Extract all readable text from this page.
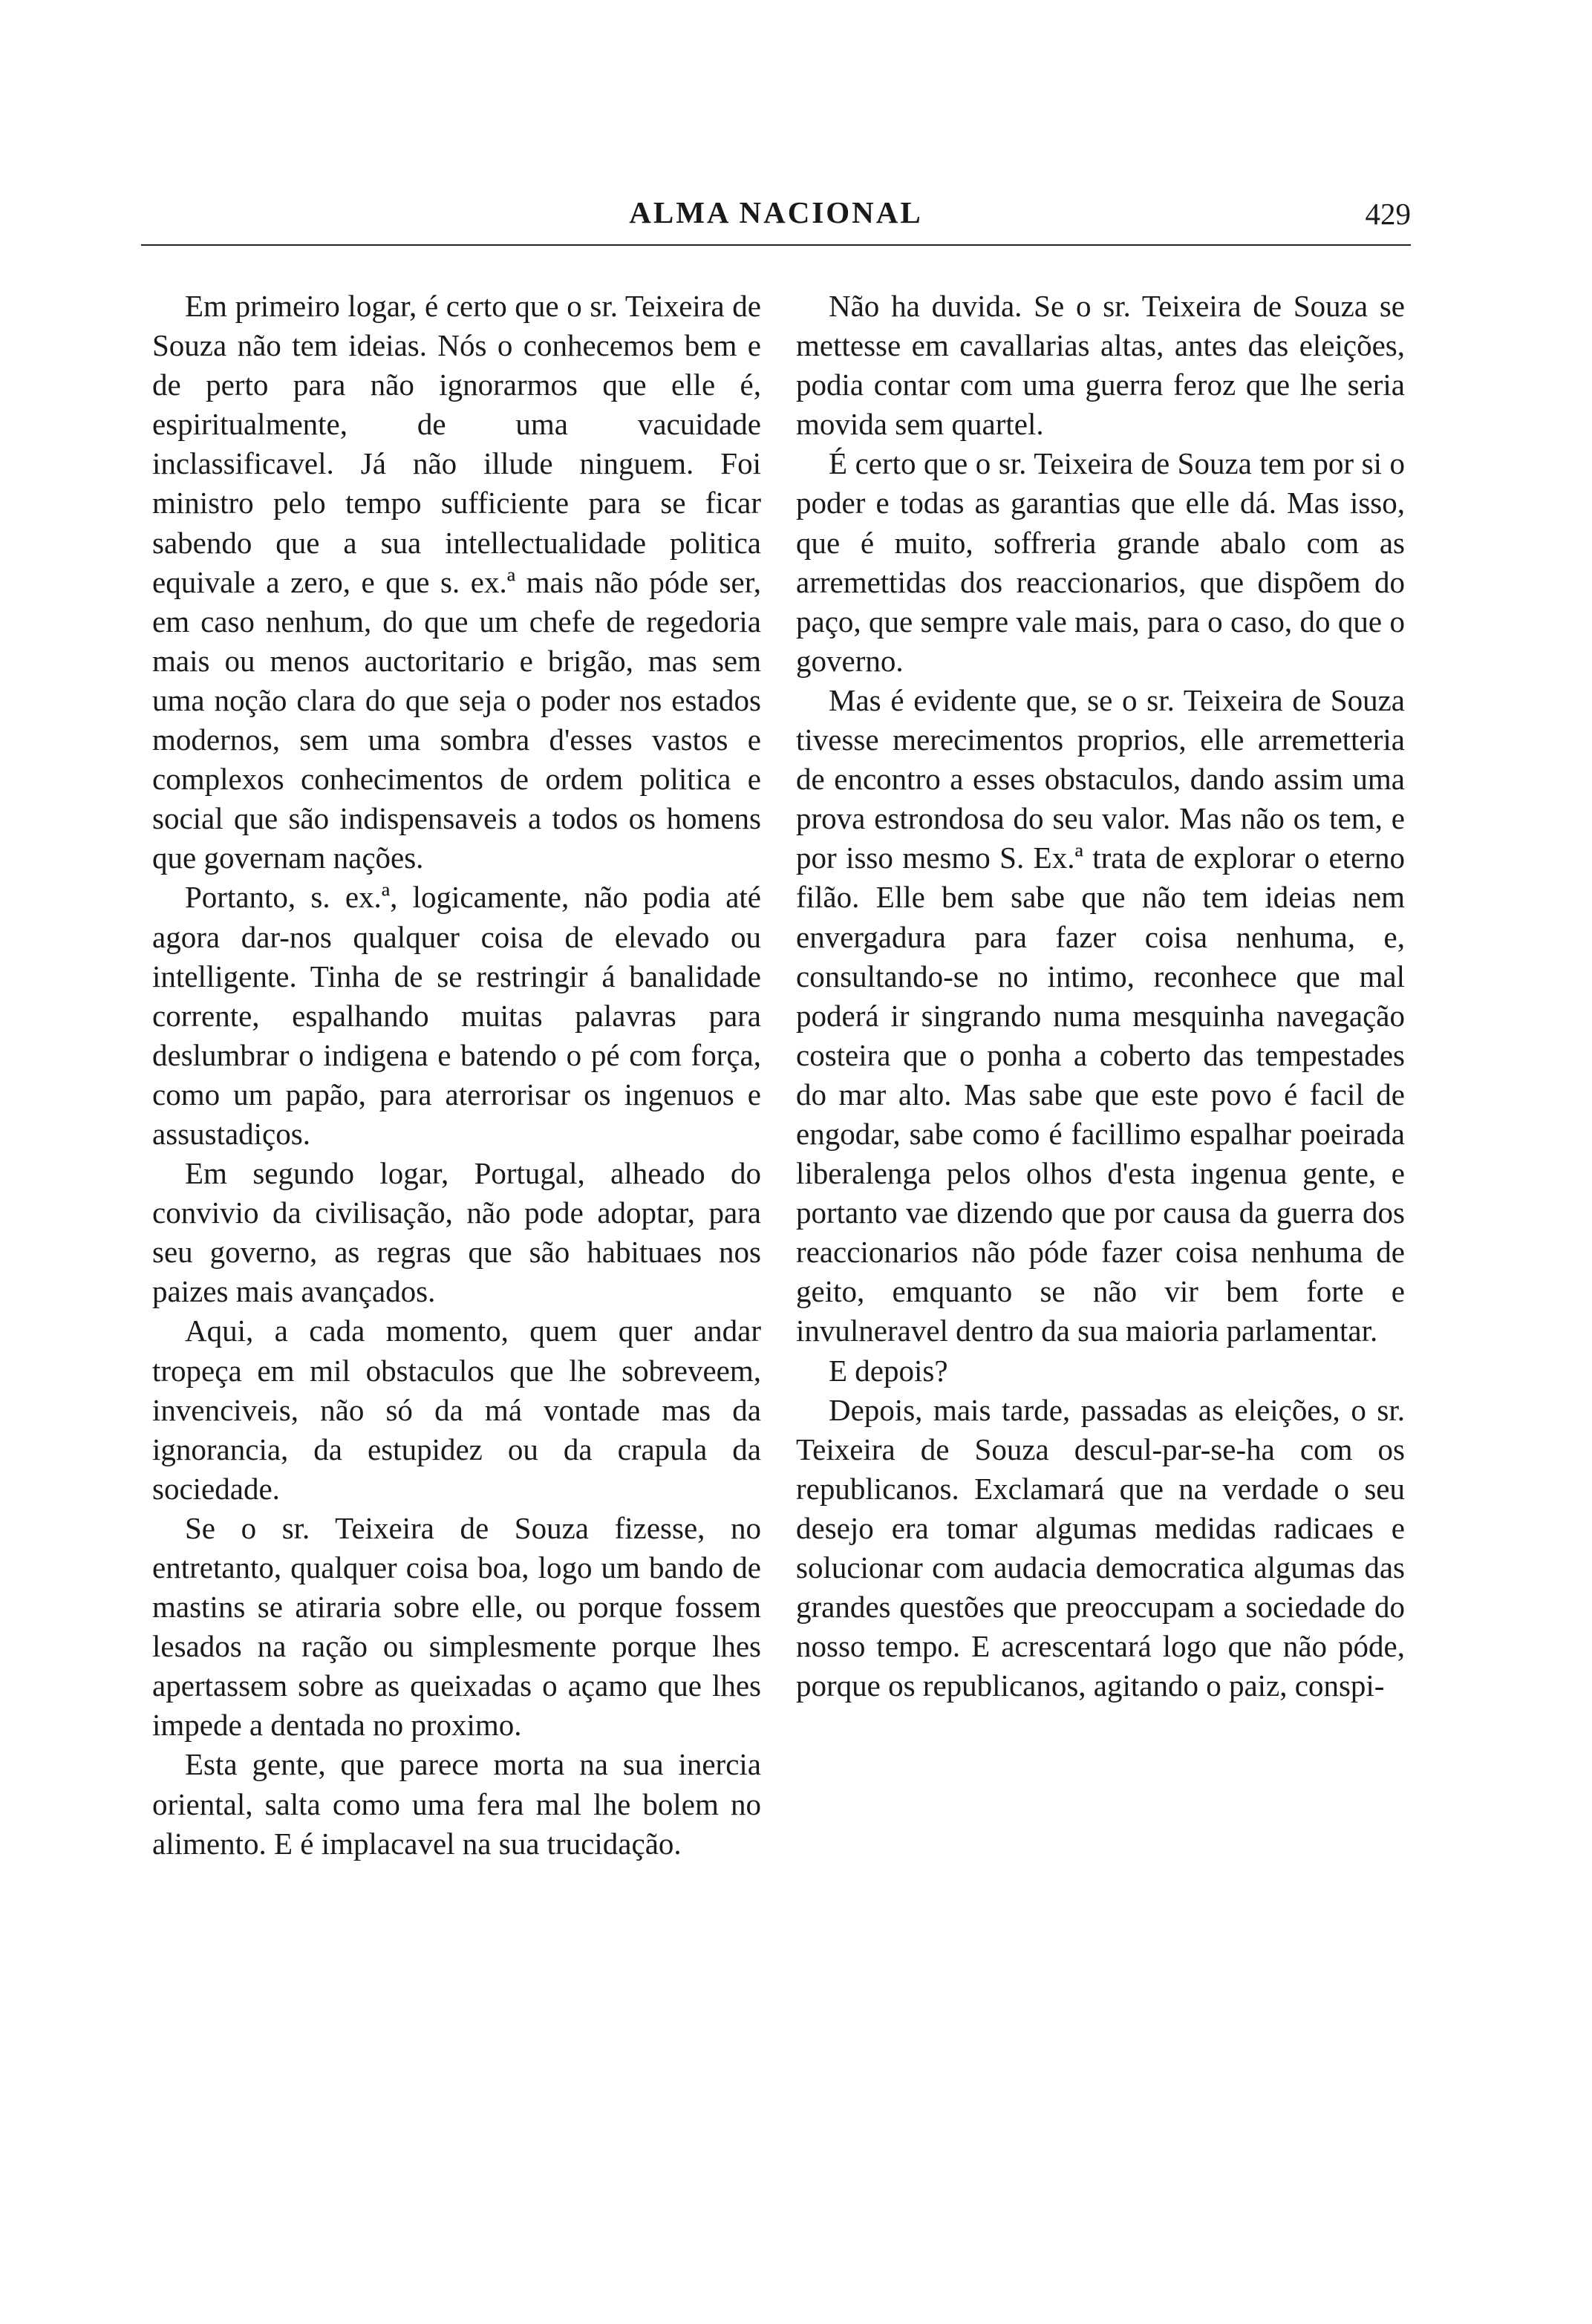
ALMA NACIONAL	429

Em primeiro logar, é certo que o sr. Teixeira de Souza não tem ideias. Nós o conhecemos bem e de perto para não ignorarmos que elle é, espiritualmente, de uma vacuidade inclassificavel. Já não illude ninguem. Foi ministro pelo tempo sufficiente para se ficar sabendo que a sua intellectualidade politica equivale a zero, e que s. ex.ª mais não póde ser, em caso nenhum, do que um chefe de regedoria mais ou menos auctoritario e brigão, mas sem uma noção clara do que seja o poder nos estados modernos, sem uma sombra d'esses vastos e complexos conhecimentos de ordem politica e social que são indispensaveis a todos os homens que governam nações.

Portanto, s. ex.ª, logicamente, não podia até agora dar-nos qualquer coisa de elevado ou intelligente. Tinha de se restringir á banalidade corrente, espalhando muitas palavras para deslumbrar o indigena e batendo o pé com força, como um papão, para aterrorisar os ingenuos e assustadiços.

Em segundo logar, Portugal, alheado do convivio da civilisação, não pode adoptar, para seu governo, as regras que são habituaes nos paizes mais avançados.

Aqui, a cada momento, quem quer andar tropeça em mil obstaculos que lhe sobreveem, invenciveis, não só da má vontade mas da ignorancia, da estupidez ou da crapula da sociedade.

Se o sr. Teixeira de Souza fizesse, no entretanto, qualquer coisa boa, logo um bando de mastins se atiraria sobre elle, ou porque fossem lesados na ração ou simplesmente porque lhes apertassem sobre as queixadas o açamo que lhes impede a dentada no proximo.

Esta gente, que parece morta na sua inercia oriental, salta como uma fera mal lhe bolem no alimento. E é implacavel na sua trucidação.

Não ha duvida. Se o sr. Teixeira de Souza se mettesse em cavallarias altas, antes das eleições, podia contar com uma guerra feroz que lhe seria movida sem quartel.

É certo que o sr. Teixeira de Souza tem por si o poder e todas as garantias que elle dá. Mas isso, que é muito, soffreria grande abalo com as arremettidas dos reaccionarios, que dispõem do paço, que sempre vale mais, para o caso, do que o governo.

Mas é evidente que, se o sr. Teixeira de Souza tivesse merecimentos proprios, elle arremetteria de encontro a esses obstaculos, dando assim uma prova estrondosa do seu valor. Mas não os tem, e por isso mesmo S. Ex.ª trata de explorar o eterno filão. Elle bem sabe que não tem ideias nem envergadura para fazer coisa nenhuma, e, consultando-se no intimo, reconhece que mal poderá ir singrando numa mesquinha navegação costeira que o ponha a coberto das tempestades do mar alto. Mas sabe que este povo é facil de engodar, sabe como é facillimo espalhar poeirada liberalenga pelos olhos d'esta ingenua gente, e portanto vae dizendo que por causa da guerra dos reaccionarios não póde fazer coisa nenhuma de geito, emquanto se não vir bem forte e invulneravel dentro da sua maioria parlamentar.

E depois?

Depois, mais tarde, passadas as eleições, o sr. Teixeira de Souza descul-par-se-ha com os republicanos. Exclamará que na verdade o seu desejo era tomar algumas medidas radicaes e solucionar com audacia democratica algumas das grandes questões que preoccupam a sociedade do nosso tempo. E acrescentará logo que não póde, porque os republicanos, agitando o paiz, conspi-
